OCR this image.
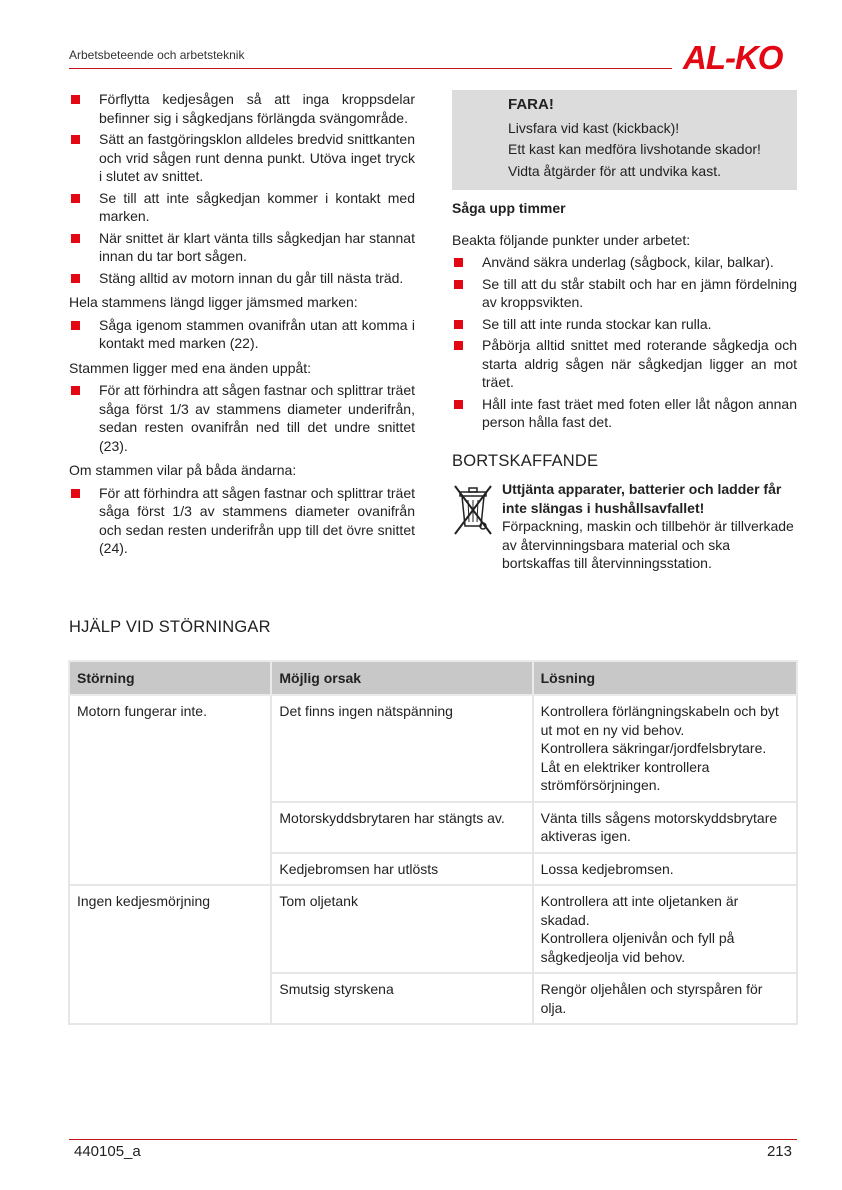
Arbetsbeteende och arbetsteknik	AL-KO
Förflytta kedjesågen så att inga kroppsdelar befinner sig i sågkedjans förlängda svängområde.
Sätt an fastgöringsklon alldeles bredvid snittkanten och vrid sågen runt denna punkt. Utöva inget tryck i slutet av snittet.
Se till att inte sågkedjan kommer i kontakt med marken.
När snittet är klart vänta tills sågkedjan har stannat innan du tar bort sågen.
Stäng alltid av motorn innan du går till nästa träd.
Hela stammens längd ligger jämsmed marken:
Såga igenom stammen ovanifrån utan att komma i kontakt med marken (22).
Stammen ligger med ena änden uppåt:
För att förhindra att sågen fastnar och splittrar träet såga först 1/3 av stammens diameter underifrån, sedan resten ovanifrån ned till det undre snittet (23).
Om stammen vilar på båda ändarna:
För att förhindra att sågen fastnar och splittrar träet såga först 1/3 av stammens diameter ovanifrån och sedan resten underifrån upp till det övre snittet (24).
FARA!
Livsfara vid kast (kickback)!
Ett kast kan medföra livshotande skador!
Vidta åtgärder för att undvika kast.
Såga upp timmer
Beakta följande punkter under arbetet:
Använd säkra underlag (sågbock, kilar, balkar).
Se till att du står stabilt och har en jämn fördelning av kroppsvikten.
Se till att inte runda stockar kan rulla.
Påbörja alltid snittet med roterande sågkedja och starta aldrig sågen när sågkedjan ligger an mot träet.
Håll inte fast träet med foten eller låt någon annan person hålla fast det.
BORTSKAFFANDE
Uttjänta apparater, batterier och ladder får inte slängas i hushållsavfallet!
Förpackning, maskin och tillbehör är tillverkade av återvinningsbara material och ska bortskaffas till återvinningsstation.
HJÄLP VID STÖRNINGAR
Störning	Möjlig orsak	Lösning
Motorn fungerar inte.	Det finns ingen nätspänning	Kontrollera förlängningskabeln och byt ut mot en ny vid behov.
Kontrollera säkringar/jordfelsbrytare.
Låt en elektriker kontrollera strömförsörjningen.
	Motorskyddsbrytaren har stängts av.	Vänta tills sågens motorskyddsbrytare aktiveras igen.
	Kedjebromsen har utlösts	Lossa kedjebromsen.
Ingen kedjesmörjning	Tom oljetank	Kontrollera att inte oljetanken är skadad.
Kontrollera oljenivån och fyll på sågkedjeolja vid behov.
	Smutsig styrskena	Rengör oljehålen och styrspåren för olja.
440105_a	213
